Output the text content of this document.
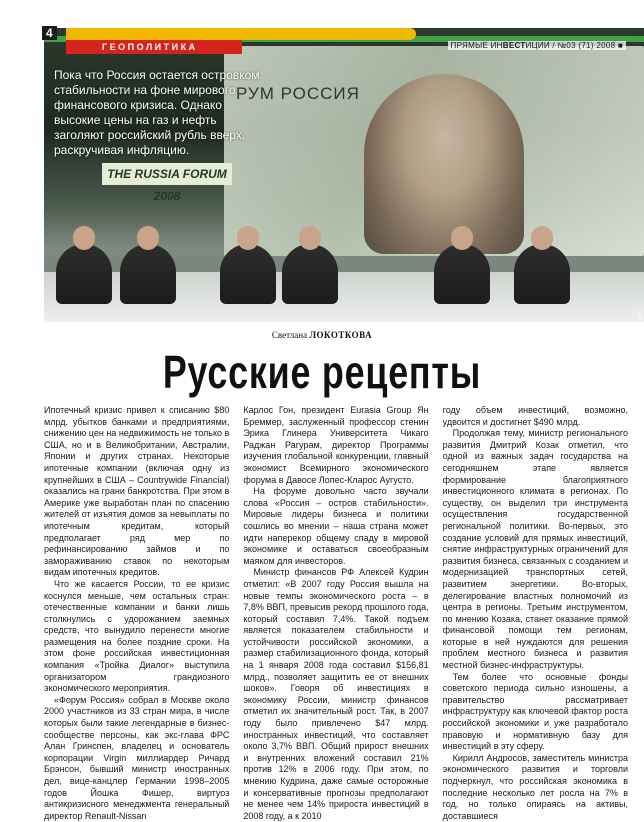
РУМ РОССИЯ
THE RUSSIA FORUM 2008
Пока что Россия остается островком стабильности на фоне мирового финансового кризиса. Однако высокие цены на газ и нефть заголяют российский рубль вверх, раскручивая инфляцию.
AFP
4
ГЕОПОЛИТИКА	ПРЯМЫЕ ИНВЕСТИЦИИ / №03 (71) 2008 ■
Светлана ЛОКОТКОВА
Русские рецепты

Ипотечный кризис привел к списанию $80 млрд. убытков банками и предприятиями, снижению цен на недвижимость не только в США, но и в Великобритании, Австралии, Японии и других странах. Некоторые ипотечные компании (включая одну из крупнейших в США – Countrywide Financial) оказались на грани банкротства. При этом в Америке уже выработан план по спасению жителей от изъятия домов за невыплаты по ипотечным кредитам, который предполагает ряд мер по рефинансированию займов и по замораживанию ставок по некоторым видам ипотечных кредитов.

Что же касается России, то ее кризис коснулся меньше, чем остальных стран: отечественные компании и банки лишь столкнулись с удорожанием заемных средств, что вынудило перенести многие размещения на более поздние сроки. На этом фоне российская инвестиционная компания «Тройка Диалог» выступила организатором грандиозного экономического мероприятия.

«Форум Россия» собрал в Москве около 2000 участников из 33 стран мира, в числе которых были такие легендарные в бизнес-сообществе персоны, как экс-глава ФРС Алан Гринспен, владелец и основатель корпорации Virgin миллиардер Ричард Брэнсон, бывший министр иностранных дел, вице-канцлер Германии 1998–2005 годов Йошка Фишер, виртуоз антикризисного менеджмента генеральный директор Renault-Nissan

Карлос Гон, президент Eurasia Group Ян Бреммер, заслуженный профессор стенин Эрика Глинера Университета Чикаго Раджан Рагурам, директор Программы изучения глобальной конкуренции, главный экономист Всемирного экономического форума в Давосе Лопес-Кларос Аугусто.

На форуме довольно часто звучали слова «Россия – остров стабильности». Мировые лидеры бизнеса и политики сошлись во мнении – наша страна может идти наперекор общему спаду в мировой экономике и оставаться своеобразным маяком для инвесторов.

Министр финансов РФ Алексей Кудрин отметил: «В 2007 году Россия вышла на новые темпы экономического роста – в 7,8% ВВП, превысив рекорд прошлого года, который составил 7,4%. Такой подъем является показателем стабильности и устойчивости российской экономики, а размер стабилизационного фонда, который на 1 января 2008 года составил $156,81 млрд., позволяет защитить ее от внешних шоков». Говоря об инвестициях в экономику России, министр финансов отметил их значительный рост. Так, в 2007 году было привлечено $47 млрд. иностранных инвестиций, что составляет около 3,7% ВВП. Общий прирост внешних и внутренних вложений составил 21% против 12% в 2006 году. При этом, по мнению Кудрина, даже самые осторожные и консервативные прогнозы предполагают не менее чем 14% прироста инвестиций в 2008 году, а к 2010

году объем инвестиций, возможно, удвоится и достигнет $490 млрд.

Продолжая тему, министр регионального развития Дмитрий Козак отметил, что одной из важных задач государства на сегодняшнем этапе является формирование благоприятного инвестиционного климата в регионах. По существу, он выделил три инструмента осуществления государственной региональной политики. Во-первых, это создание условий для прямых инвестиций, снятие инфраструктурных ограничений для развития бизнеса, связанных с созданием и модернизацией транспортных сетей, развитием энергетики. Во-вторых, делегирование властных полномочий из центра в регионы. Третьим инструментом, по мнению Козака, станет оказание прямой финансовой помощи тем регионам, которые в ней нуждаются для решения проблем местного бизнеса и развития местной бизнес-инфраструктуры.

Тем более что основные фонды советского периода сильно изношены, а правительство рассматривает инфраструктуру как ключевой фактор роста российской экономики и уже разработало правовую и нормативную базу для инвестиций в эту сферу.

Кирилл Андросов, заместитель министра экономического развития и торговли подчеркнул, что российская экономика в последние несколько лет росла на 7% в год, но только опираясь на активы, доставшиеся
